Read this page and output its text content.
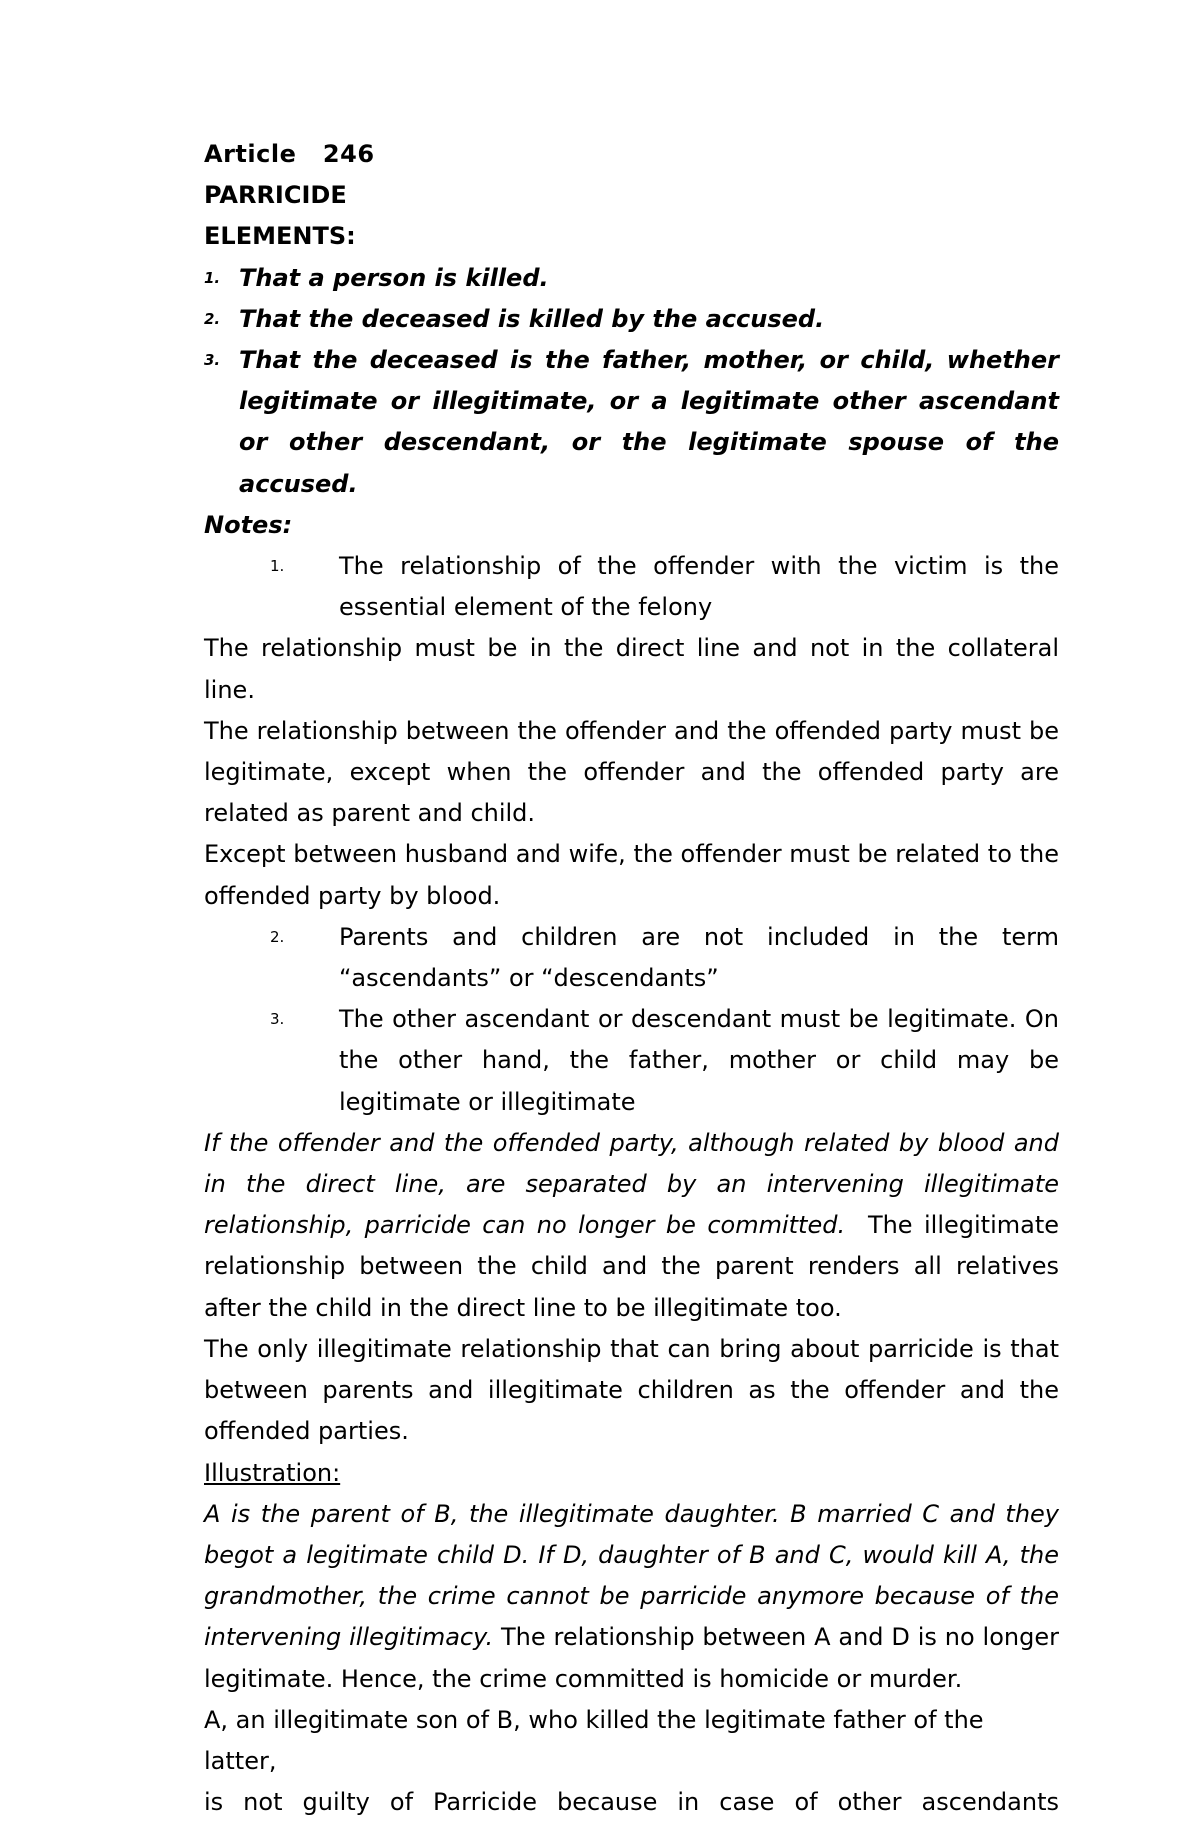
Article 246

PARRICIDE

ELEMENTS:

1. That a person is killed.
2. That the deceased is killed by the accused.
3. That the deceased is the father, mother, or child, whether legitimate or illegitimate, or a legitimate other ascendant or other descendant, or the legitimate spouse of the accused.

Notes:

1.	The relationship of the offender with the victim is the essential element of the felony

The relationship must be in the direct line and not in the collateral line.

The relationship between the offender and the offended party must be legitimate, except when the offender and the offended party are related as parent and child.

Except between husband and wife, the offender must be related to the offended party by blood.

2.	Parents and children are not included in the term “ascendants” or “descendants”
3.	The other ascendant or descendant must be legitimate. On the other hand, the father, mother or child may be legitimate or illegitimate

If the offender and the offended party, although related by blood and in the direct line, are separated by an intervening illegitimate relationship, parricide can no longer be committed. The illegitimate relationship between the child and the parent renders all relatives after the child in the direct line to be illegitimate too.

The only illegitimate relationship that can bring about parricide is that between parents and illegitimate children as the offender and the offended parties.

Illustration:

A is the parent of B, the illegitimate daughter. B married C and they begot a legitimate child D. If D, daughter of B and C, would kill A, the grandmother, the crime cannot be parricide anymore because of the intervening illegitimacy. The relationship between A and D is no longer legitimate. Hence, the crime committed is homicide or murder.

A, an illegitimate son of B, who killed the legitimate father of the latter,

is not guilty of Parricide because in case of other ascendants
